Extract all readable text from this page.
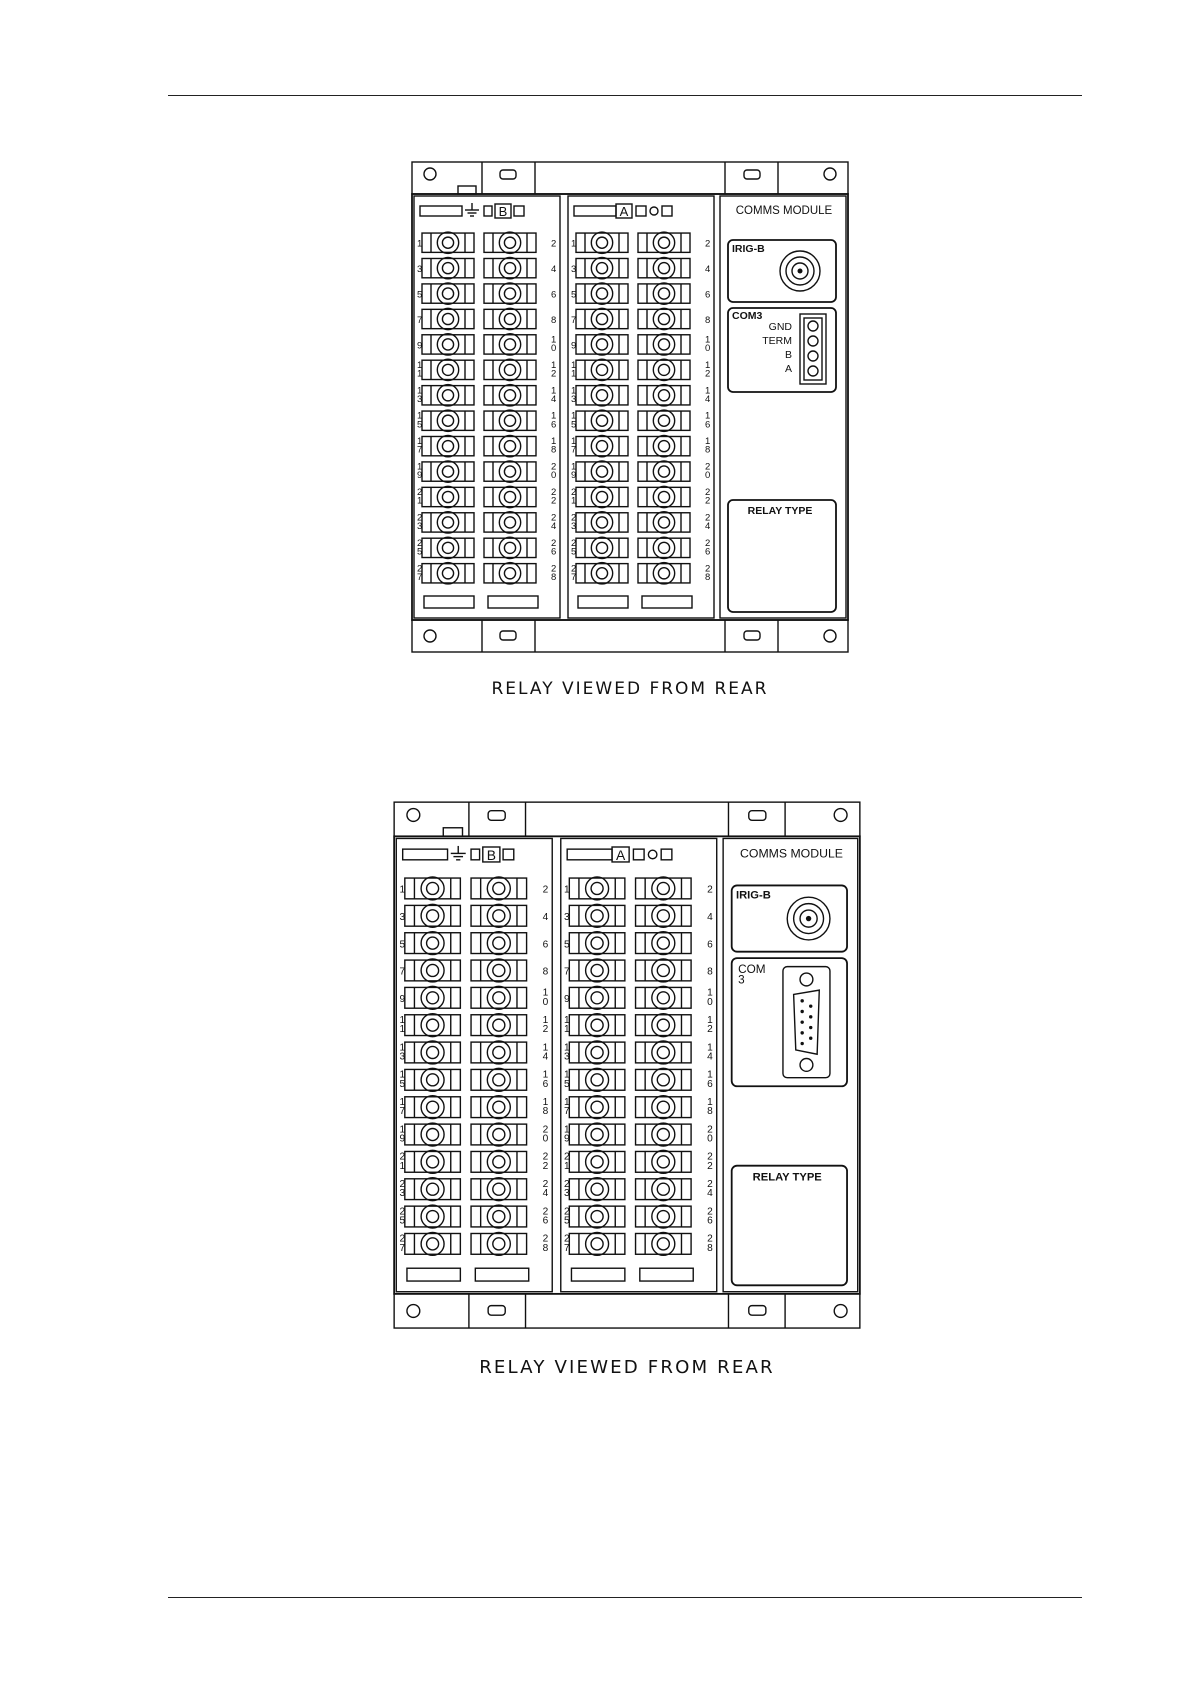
B
1	2
3	4
5	6
7	8
9
1 0
1 1
1 2
1 3
1 4
1 5
1 6
1 7
1 8
1 9
2 0
2 1
2 2
2 3
2 4
2 5
2 6
2 7
2 8
A
1	2
3	4
5	6
7	8
9
1 0
1 1
1 2
1 3
1 4
1 5
1 6
1 7
1 8
1 9
2 0
2 1
2 2
2 3
2 4
2 5
2 6
2 7
2 8
COMMS MODULE
IRIG-B
COM3
GND
TERM
B
A
RELAY TYPE
RELAY VIEWED FROM REAR
B
1	2
3	4
5	6
7	8
9
1 0
1 1
1 2
1 3
1 4
1 5
1 6
1 7
1 8
1 9
2 0
2 1
2 2
2 3
2 4
2 5
2 6
2 7
2 8
A
1	2
3	4
5	6
7	8
9
1 0
1 1
1 2
1 3
1 4
1 5
1 6
1 7
1 8
1 9
2 0
2 1
2 2
2 3
2 4
2 5
2 6
2 7
2 8
COMMS MODULE
IRIG-B
COM 3
RELAY TYPE
RELAY VIEWED FROM REAR
